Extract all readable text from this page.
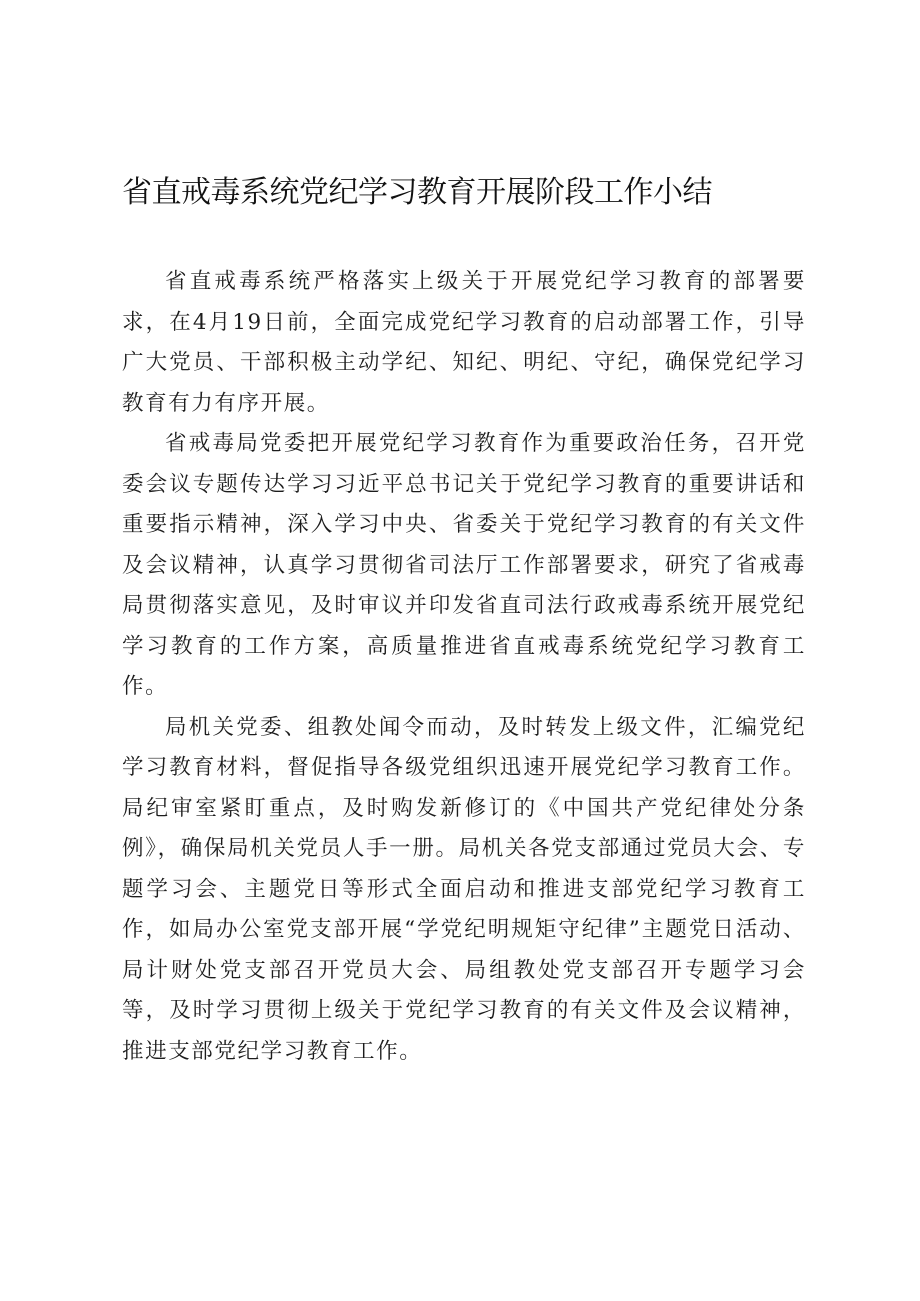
省直戒毒系统党纪学习教育开展阶段工作小结

省直戒毒系统严格落实上级关于开展党纪学习教育的部署要求，在4月19日前，全面完成党纪学习教育的启动部署工作，引导广大党员、干部积极主动学纪、知纪、明纪、守纪，确保党纪学习教育有力有序开展。

省戒毒局党委把开展党纪学习教育作为重要政治任务，召开党委会议专题传达学习习近平总书记关于党纪学习教育的重要讲话和重要指示精神，深入学习中央、省委关于党纪学习教育的有关文件及会议精神，认真学习贯彻省司法厅工作部署要求，研究了省戒毒局贯彻落实意见，及时审议并印发省直司法行政戒毒系统开展党纪学习教育的工作方案，高质量推进省直戒毒系统党纪学习教育工作。

局机关党委、组教处闻令而动，及时转发上级文件，汇编党纪学习教育材料，督促指导各级党组织迅速开展党纪学习教育工作。局纪审室紧盯重点，及时购发新修订的《中国共产党纪律处分条例》，确保局机关党员人手一册。局机关各党支部通过党员大会、专题学习会、主题党日等形式全面启动和推进支部党纪学习教育工作，如局办公室党支部开展“学党纪明规矩守纪律”主题党日活动、局计财处党支部召开党员大会、局组教处党支部召开专题学习会等，及时学习贯彻上级关于党纪学习教育的有关文件及会议精神，推进支部党纪学习教育工作。
